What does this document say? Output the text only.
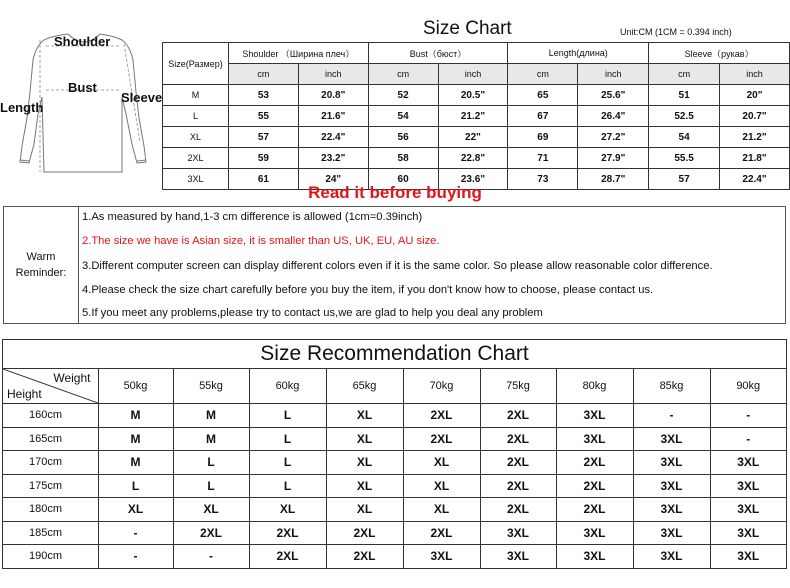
Shoulder
Bust
Length
Sleeve
Size Chart	Unit:CM (1CM = 0.394 inch)
Size(Размер)	Shoulder （Ширина плеч）		Bust（бюст）		Length(длина)		Sleeve（рукав）	
	cm	inch	cm	inch	cm	inch	cm	inch
M	53	20.8"	52	20.5"	65	25.6"	51	20"
L	55	21.6"	54	21.2"	67	26.4"	52.5	20.7"
XL	57	22.4"	56	22"	69	27.2"	54	21.2"
2XL	59	23.2"	58	22.8"	71	27.9"	55.5	21.8"
3XL	61	24"	60	23.6"	73	28.7"	57	22.4"
Read it before buying
Warm
Reminder:
1.As measured by hand,1-3 cm difference is allowed (1cm=0.39inch)
2.The size we have is Asian size, it is smaller than US, UK, EU, AU size.
3.Different computer screen can display different colors even if it is the same color. So please allow reasonable color difference.
4.Please check the size chart carefully before you buy the item, if you don't know how to choose, please contact us.
5.If you meet any problems,please try to contact us,we are glad to help you deal any problem
Size Recommendation Chart
Weight
Height	50kg	55kg	60kg	65kg	70kg	75kg	80kg	85kg	90kg
160cm	M	M	L	XL	2XL	2XL	3XL	-	-
165cm	M	M	L	XL	2XL	2XL	3XL	3XL	-
170cm	M	L	L	XL	XL	2XL	2XL	3XL	3XL
175cm	L	L	L	XL	XL	2XL	2XL	3XL	3XL
180cm	XL	XL	XL	XL	XL	2XL	2XL	3XL	3XL
185cm	-	2XL	2XL	2XL	2XL	3XL	3XL	3XL	3XL
190cm	-	-	2XL	2XL	3XL	3XL	3XL	3XL	3XL
